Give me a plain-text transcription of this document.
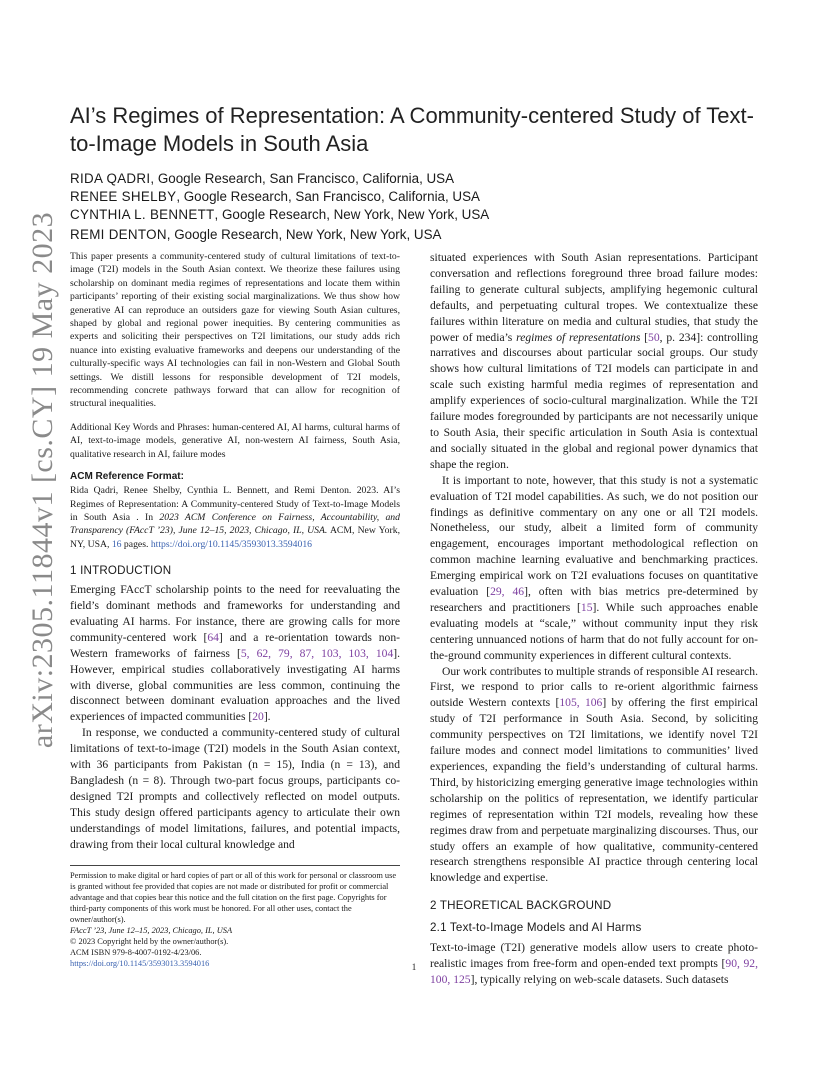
arXiv:2305.11844v1 [cs.CY] 19 May 2023
AI’s Regimes of Representation: A Community-centered Study of Text-to-Image Models in South Asia
RIDA QADRI, Google Research, San Francisco, California, USA
RENEE SHELBY, Google Research, San Francisco, California, USA
CYNTHIA L. BENNETT, Google Research, New York, New York, USA
REMI DENTON, Google Research, New York, New York, USA

This paper presents a community-centered study of cultural limitations of text-to-image (T2I) models in the South Asian context. We theorize these failures using scholarship on dominant media regimes of representations and locate them within participants’ reporting of their existing social marginalizations. We thus show how generative AI can reproduce an outsiders gaze for viewing South Asian cultures, shaped by global and regional power inequities. By centering communities as experts and soliciting their perspectives on T2I limitations, our study adds rich nuance into existing evaluative frameworks and deepens our understanding of the culturally-specific ways AI technologies can fail in non-Western and Global South settings. We distill lessons for responsible development of T2I models, recommending concrete pathways forward that can allow for recognition of structural inequalities.

Additional Key Words and Phrases: human-centered AI, AI harms, cultural harms of AI, text-to-image models, generative AI, non-western AI fairness, South Asia, qualitative research in AI, failure modes

ACM Reference Format:

Rida Qadri, Renee Shelby, Cynthia L. Bennett, and Remi Denton. 2023. AI’s Regimes of Representation: A Community-centered Study of Text-to-Image Models in South Asia . In 2023 ACM Conference on Fairness, Accountability, and Transparency (FAccT ’23), June 12–15, 2023, Chicago, IL, USA. ACM, New York, NY, USA, 16 pages. https://doi.org/10.1145/3593013.3594016

1 INTRODUCTION

Emerging FAccT scholarship points to the need for reevaluating the field’s dominant methods and frameworks for understanding and evaluating AI harms. For instance, there are growing calls for more community-centered work [64] and a re-orientation towards non-Western frameworks of fairness [5, 62, 79, 87, 103, 103, 104]. However, empirical studies collaboratively investigating AI harms with diverse, global communities are less common, continuing the disconnect between dominant evaluation approaches and the lived experiences of impacted communities [20].

In response, we conducted a community-centered study of cultural limitations of text-to-image (T2I) models in the South Asian context, with 36 participants from Pakistan (n = 15), India (n = 13), and Bangladesh (n = 8). Through two-part focus groups, participants co-designed T2I prompts and collectively reflected on model outputs. This study design offered participants agency to articulate their own understandings of model limitations, failures, and potential impacts, drawing from their local cultural knowledge and

Permission to make digital or hard copies of part or all of this work for personal or classroom use is granted without fee provided that copies are not made or distributed for profit or commercial advantage and that copies bear this notice and the full citation on the first page. Copyrights for third-party components of this work must be honored. For all other uses, contact the owner/author(s).

FAccT ’23, June 12–15, 2023, Chicago, IL, USA

© 2023 Copyright held by the owner/author(s).

ACM ISBN 979-8-4007-0192-4/23/06.

https://doi.org/10.1145/3593013.3594016

situated experiences with South Asian representations. Participant conversation and reflections foreground three broad failure modes: failing to generate cultural subjects, amplifying hegemonic cultural defaults, and perpetuating cultural tropes. We contextualize these failures within literature on media and cultural studies, that study the power of media’s regimes of representations [50, p. 234]: controlling narratives and discourses about particular social groups. Our study shows how cultural limitations of T2I models can participate in and scale such existing harmful media regimes of representation and amplify experiences of socio-cultural marginalization. While the T2I failure modes foregrounded by participants are not necessarily unique to South Asia, their specific articulation in South Asia is contextual and socially situated in the global and regional power dynamics that shape the region.

It is important to note, however, that this study is not a systematic evaluation of T2I model capabilities. As such, we do not position our findings as definitive commentary on any one or all T2I models. Nonetheless, our study, albeit a limited form of community engagement, encourages important methodological reflection on common machine learning evaluative and benchmarking practices. Emerging empirical work on T2I evaluations focuses on quantitative evaluation [29, 46], often with bias metrics pre-determined by researchers and practitioners [15]. While such approaches enable evaluating models at “scale,” without community input they risk centering unnuanced notions of harm that do not fully account for on-the-ground community experiences in different cultural contexts.

Our work contributes to multiple strands of responsible AI research. First, we respond to prior calls to re-orient algorithmic fairness outside Western contexts [105, 106] by offering the first empirical study of T2I performance in South Asia. Second, by soliciting community perspectives on T2I limitations, we identify novel T2I failure modes and connect model limitations to communities’ lived experiences, expanding the field’s understanding of cultural harms. Third, by historicizing emerging generative image technologies within scholarship on the politics of representation, we identify particular regimes of representation within T2I models, revealing how these regimes draw from and perpetuate marginalizing discourses. Thus, our study offers an example of how qualitative, community-centered research strengthens responsible AI practice through centering local knowledge and expertise.

2 THEORETICAL BACKGROUND

2.1 Text-to-Image Models and AI Harms

Text-to-image (T2I) generative models allow users to create photo-realistic images from free-form and open-ended text prompts [90, 92, 100, 125], typically relying on web-scale datasets. Such datasets

1
